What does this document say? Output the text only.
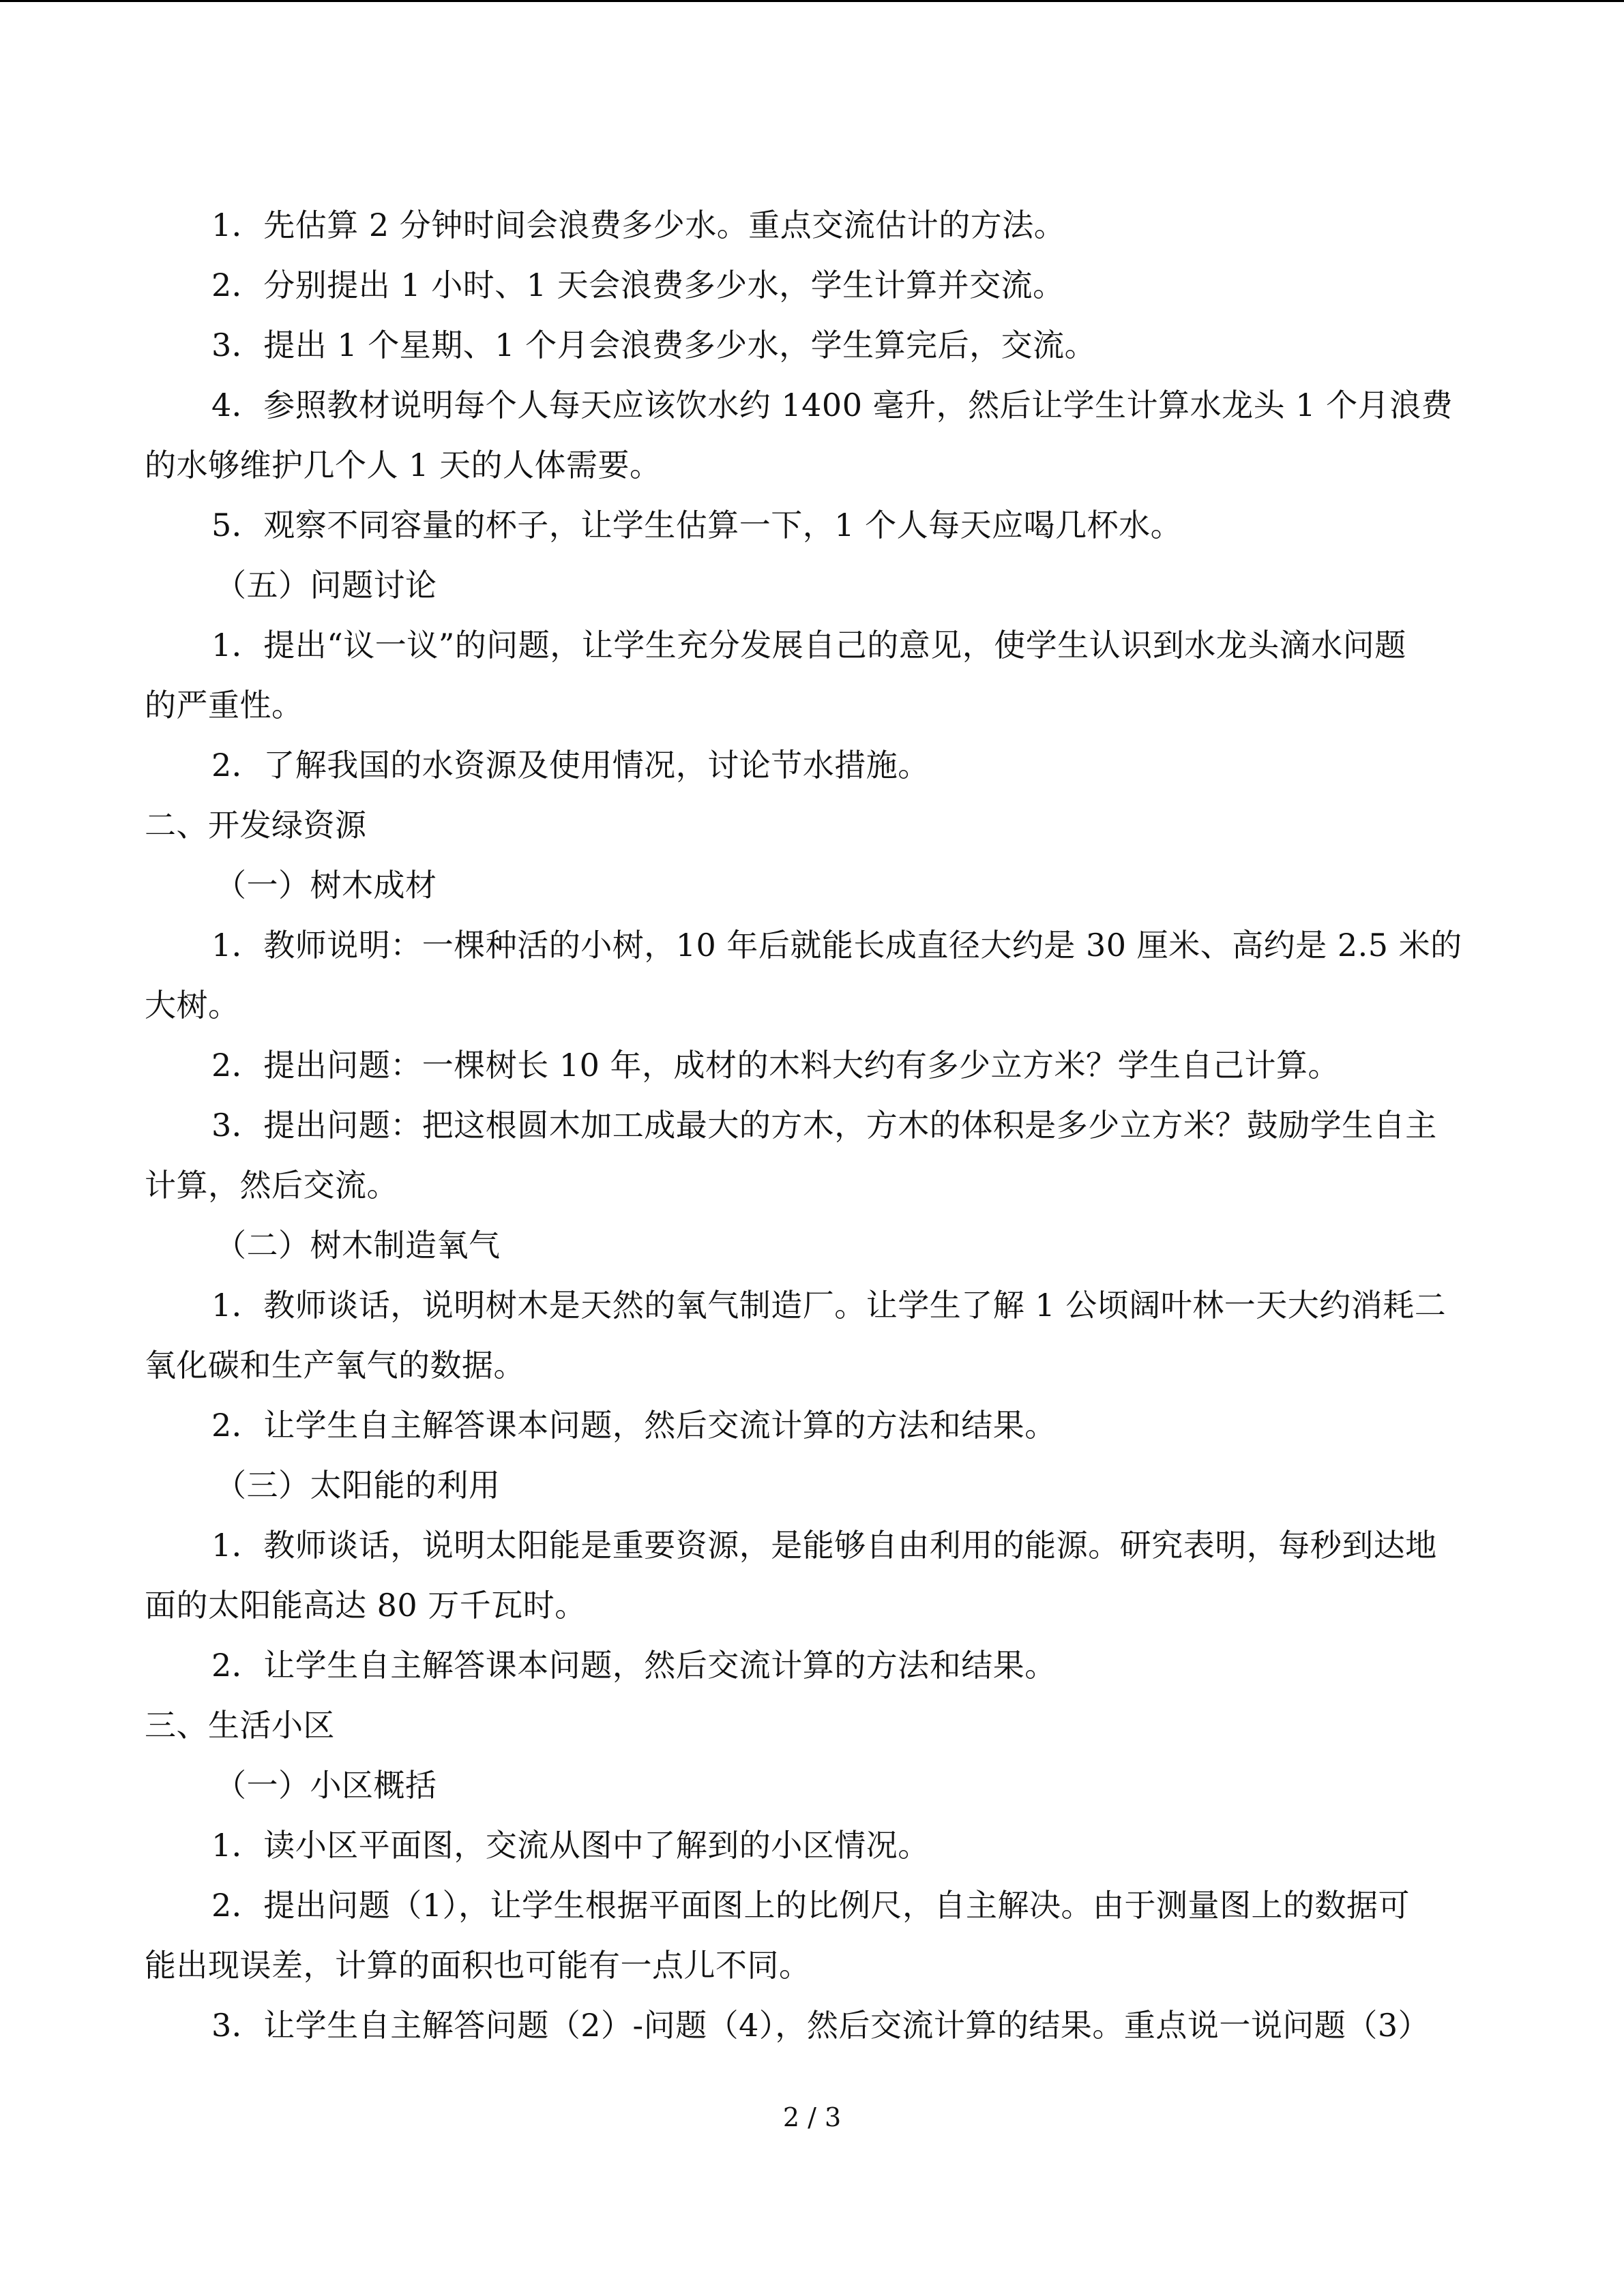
1．先估算 2 分钟时间会浪费多少水。重点交流估计的方法。
2．分别提出 1 小时、1 天会浪费多少水，学生计算并交流。
3．提出 1 个星期、1 个月会浪费多少水，学生算完后，交流。
4．参照教材说明每个人每天应该饮水约 1400 毫升，然后让学生计算水龙头 1 个月浪费
的水够维护几个人 1 天的人体需要。
5．观察不同容量的杯子，让学生估算一下，1 个人每天应喝几杯水。
（五）问题讨论
1．提出“议一议”的问题，让学生充分发展自己的意见，使学生认识到水龙头滴水问题
的严重性。
2．了解我国的水资源及使用情况，讨论节水措施。
二、开发绿资源
（一）树木成材
1．教师说明：一棵种活的小树，10 年后就能长成直径大约是 30 厘米、高约是 2.5 米的
大树。
2．提出问题：一棵树长 10 年，成材的木料大约有多少立方米？学生自己计算。
3．提出问题：把这根圆木加工成最大的方木，方木的体积是多少立方米？鼓励学生自主
计算，然后交流。
（二）树木制造氧气
1．教师谈话，说明树木是天然的氧气制造厂。让学生了解 1 公顷阔叶林一天大约消耗二
氧化碳和生产氧气的数据。
2．让学生自主解答课本问题，然后交流计算的方法和结果。
（三）太阳能的利用
1．教师谈话，说明太阳能是重要资源，是能够自由利用的能源。研究表明，每秒到达地
面的太阳能高达 80 万千瓦时。
2．让学生自主解答课本问题，然后交流计算的方法和结果。
三、生活小区
（一）小区概括
1．读小区平面图，交流从图中了解到的小区情况。
2．提出问题（1），让学生根据平面图上的比例尺，自主解决。由于测量图上的数据可
能出现误差，计算的面积也可能有一点儿不同。
3．让学生自主解答问题（2）-问题（4），然后交流计算的结果。重点说一说问题（3）
2 / 3
